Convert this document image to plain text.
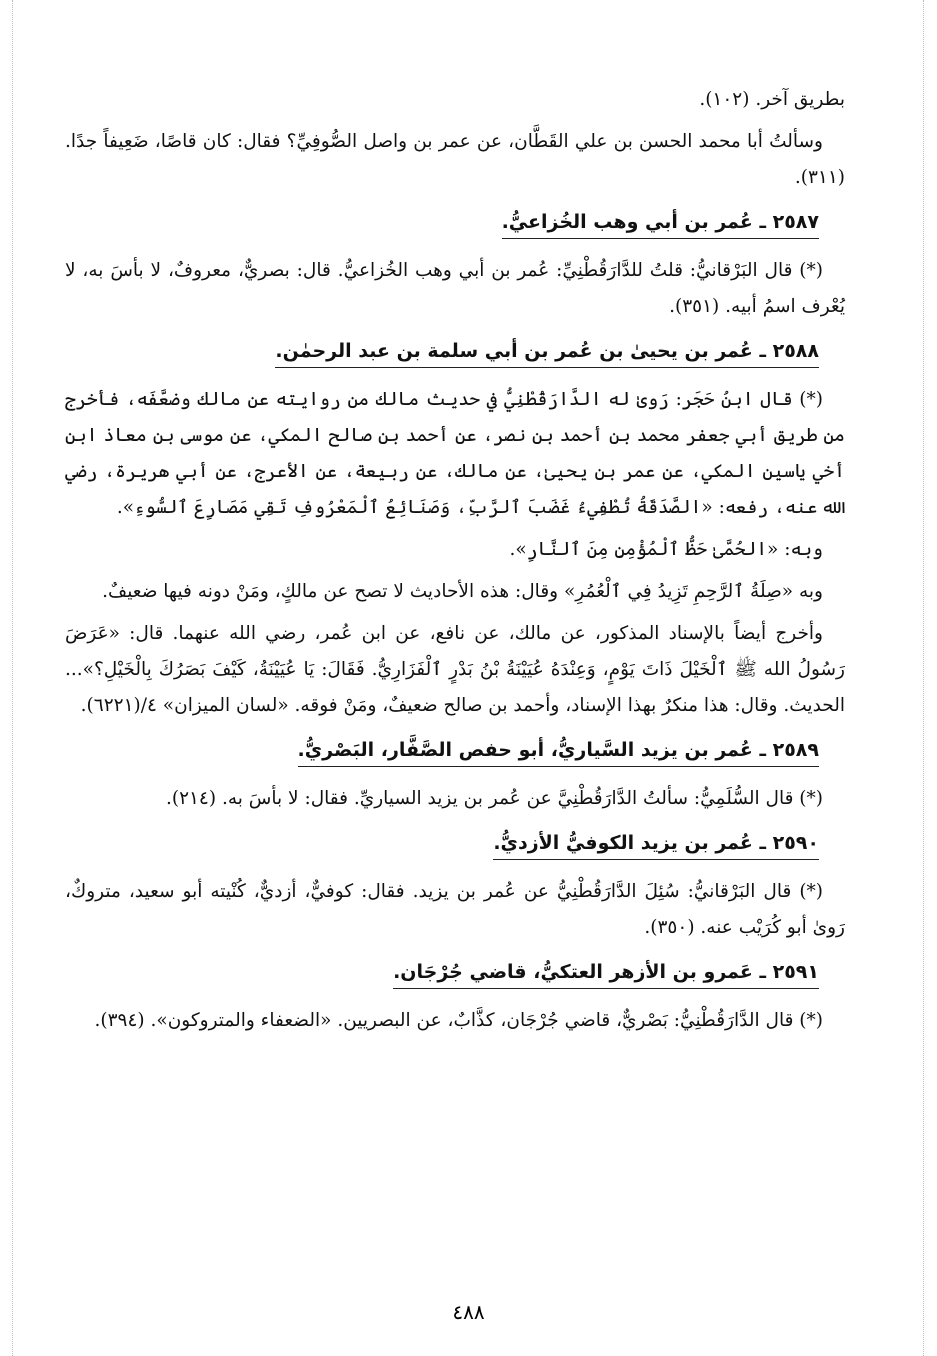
بطريق آخر. (١٠٢).

وسألتُ أبا محمد الحسن بن علي القَطَّان، عن عمر بن واصل الصُّوفِيِّ؟ فقال: كان قاصًا، ضَعِيفاً جدًا. (٣١١).

٢٥٨٧ ـ عُمر بن أبي وهب الخُزاعيُّ.

(*) قال البَرْقانيُّ: قلتُ للدَّارَقُطْنِيِّ: عُمر بن أبي وهب الخُزاعيُّ. قال: بصريٌّ، معروفٌ، لا بأسَ به، لا يُعْرف اسمُ أبيه. (٣٥١).

٢٥٨٨ ـ عُمر بن يحيىٰ بن عُمر بن أبي سلمة بن عبد الرحمٰن.

(*) قال ابنُ حَجَر: رَوىٰ له الدَّارَقُطْنِيُّ في حديث مالك من روايته عن مالك وضعَّفَه، فأخرج من طريق أبي جعفر محمد بن أحمد بن نصر، عن أحمد بن صالح المكي، عن موسى بن معاذ ابن أخي ياسين المكي، عن عمر بن يحيىٰ، عن مالك، عن ربيعة، عن الأعرج، عن أبي هريرة، رضي الله عنه، رفعه: «الصَّدَقَةُ تُطْفِيءُ غَضَبَ ٱلرَّبِّ، وَصَنَائِعُ ٱلْمَعْرُوفِ تَقِي مَصَارِعَ ٱلسُّوءِ».

وبه: «الحُمَّىٰ حَظُّ ٱلْمُؤْمِنِ مِنَ ٱلنَّارِ».

وبه «صِلَةُ ٱلرَّحِمِ تَزِيدُ فِي ٱلْعُمُرِ» وقال: هذه الأحاديث لا تصح عن مالكٍ، ومَنْ دونه فيها ضعيفٌ.

وأخرج أيضاً بالإسناد المذكور، عن مالك، عن نافع، عن ابن عُمر، رضي الله عنهما. قال: «عَرَضَ رَسُولُ الله ﷺ ٱلْخَيْلَ ذَاتَ يَوْمٍ، وَعِنْدَهُ عُيَيْنَةُ بْنُ بَدْرٍ ٱلْفَزَارِيُّ. فَقَالَ: يَا عُيَيْنَةُ، كَيْفَ بَصَرُكَ بِالْخَيْلِ؟»... الحديث. وقال: هذا منكرٌ بهذا الإسناد، وأحمد بن صالح ضعيفٌ، ومَنْ فوقه. «لسان الميزان» ٤/(٦٢٢١).

٢٥٨٩ ـ عُمر بن يزيد السَّياريُّ، أبو حفص الصَّفَّار، البَصْريُّ.

(*) قال السُّلَمِيُّ: سألتُ الدَّارَقُطْنِيَّ عن عُمر بن يزيد السياريِّ. فقال: لا بأسَ به. (٢١٤).

٢٥٩٠ ـ عُمر بن يزيد الكوفيُّ الأزديُّ.

(*) قال البَرْقانيُّ: سُئِلَ الدَّارَقُطْنِيُّ عن عُمر بن يزيد. فقال: كوفيٌّ، أزديٌّ، كُنْيته أبو سعيد، متروكٌ، رَوىٰ أبو كُرَيْب عنه. (٣٥٠).

٢٥٩١ ـ عَمرو بن الأزهر العتكيُّ، قاضي جُرْجَان.

(*) قال الدَّارَقُطْنِيُّ: بَصْريٌّ، قاضي جُرْجَان، كذَّابٌ، عن البصريين. «الضعفاء والمتروكون». (٣٩٤).

٤٨٨
